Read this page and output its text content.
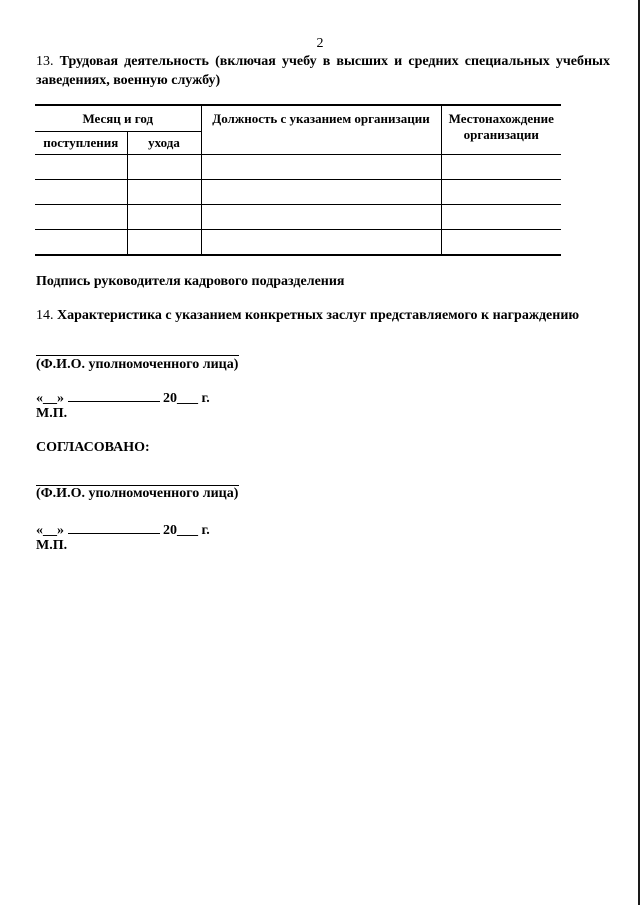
2
13. Трудовая деятельность (включая учебу в высших и средних специальных учебных заведениях, военную службу)
Месяц и год		Должность с указанием организации	Местонахождение организации
поступления	ухода		

Подпись руководителя кадрового подразделения
14. Характеристика с указанием конкретных заслуг представляемого к награждению
(Ф.И.О. уполномоченного лица)
«__»	20___ г.
М.П.
СОГЛАСОВАНО:
(Ф.И.О. уполномоченного лица)
«__»	20___ г.
М.П.
